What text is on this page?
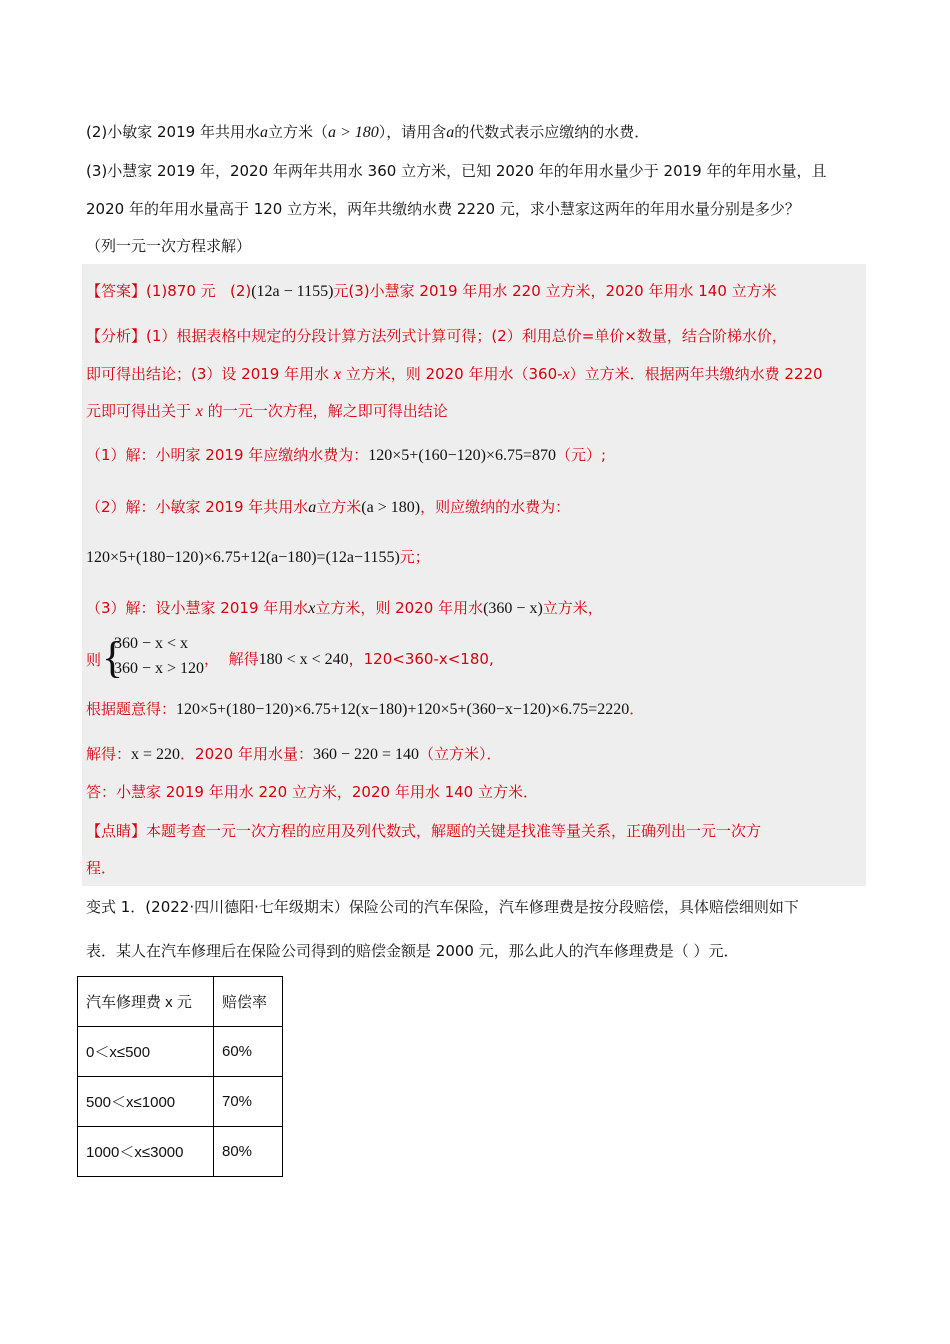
(2)小敏家 2019 年共用水a立方米（a > 180），请用含a的代数式表示应缴纳的水费．
(3)小慧家 2019 年，2020 年两年共用水 360 立方米，已知 2020 年的年用水量少于 2019 年的年用水量，且
2020 年的年用水量高于 120 立方米，两年共缴纳水费 2220 元，求小慧家这两年的年用水量分别是多少？
（列一元一次方程求解）
【答案】(1)870 元 (2)(12a − 1155)元(3)小慧家 2019 年用水 220 立方米，2020 年用水 140 立方米
【分析】(1）根据表格中规定的分段计算方法列式计算可得；(2）利用总价=单价×数量，结合阶梯水价，
即可得出结论；(3）设 2019 年用水 x 立方米，则 2020 年用水（360-x）立方米．根据两年共缴纳水费 2220
元即可得出关于 x 的一元一次方程，解之即可得出结论
（1）解：小明家 2019 年应缴纳水费为：120×5+(160−120)×6.75=870（元）;
（2）解：小敏家 2019 年共用水a立方米(a > 180)，则应缴纳的水费为：
120×5+(180−120)×6.75+12(a−180)=(12a−1155)元；
（3）解：设小慧家 2019 年用水x立方米，则 2020 年用水(360 − x)立方米，
则 {
360 − x < x
360 − x > 120
， 解得180 < x < 240，120<360-x<180,
根据题意得：120×5+(180−120)×6.75+12(x−180)+120×5+(360−x−120)×6.75=2220．
解得：x = 220．2020 年用水量：360 − 220 = 140（立方米）．
答：小慧家 2019 年用水 220 立方米，2020 年用水 140 立方米．
【点睛】本题考查一元一次方程的应用及列代数式，解题的关键是找准等量关系，正确列出一元一次方
程．
变式 1．(2022·四川德阳·七年级期末）保险公司的汽车保险，汽车修理费是按分段赔偿，具体赔偿细则如下
表．某人在汽车修理后在保险公司得到的赔偿金额是 2000 元，那么此人的汽车修理费是（ ）元．
汽车修理费 x 元	赔偿率
0＜x≤500	60%
500＜x≤1000	70%
1000＜x≤3000	80%
